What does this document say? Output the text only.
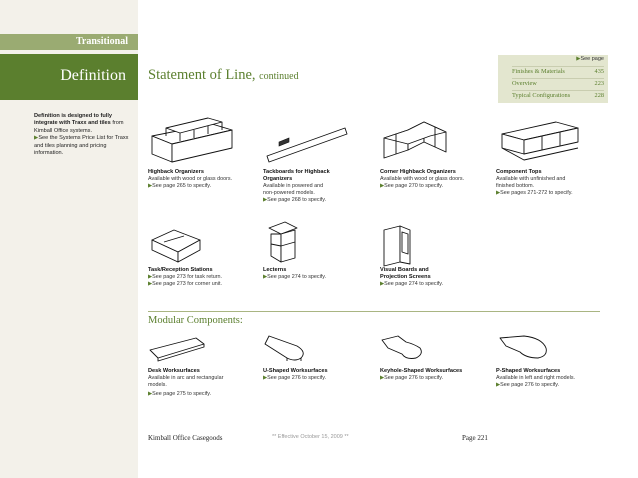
Transitional
Definition
Definition is designed to fully integrate with Traxx and tiles from Kimball Office systems.
▶See the Systems Price List for Traxx and tiles planning and pricing information.
Statement of Line, continued
▶See page
Finishes & Materials	435
Overview	223
Typical Configurations	228
Highback Organizers
Available with wood or glass doors.
▶See page 265 to specify.
Tackboards for Highback
Organizers
Available in powered and
non-powered models.
▶See page 268 to specify.
Corner Highback Organizers
Available with wood or glass doors.
▶See page 270 to specify.
Component Tops
Available with unfinished and
finished bottom.
▶See pages 271-272 to specify.
Task/Reception Stations
▶See page 273 for task return.
▶See page 273 for corner unit.
Lecterns
▶See page 274 to specify.
Visual Boards and
Projection Screens
▶See page 274 to specify.
Modular Components:
Desk Worksurfaces
Available in arc and rectangular
models.
▶See page 275 to specify.
U-Shaped Worksurfaces
▶See page 276 to specify.
Keyhole-Shaped Worksurfaces
▶See page 276 to specify.
P-Shaped Worksurfaces
Available in left and right models.
▶See page 276 to specify.
Kimball Office Casegoods	** Effective October 15, 2009 **	Page 221
